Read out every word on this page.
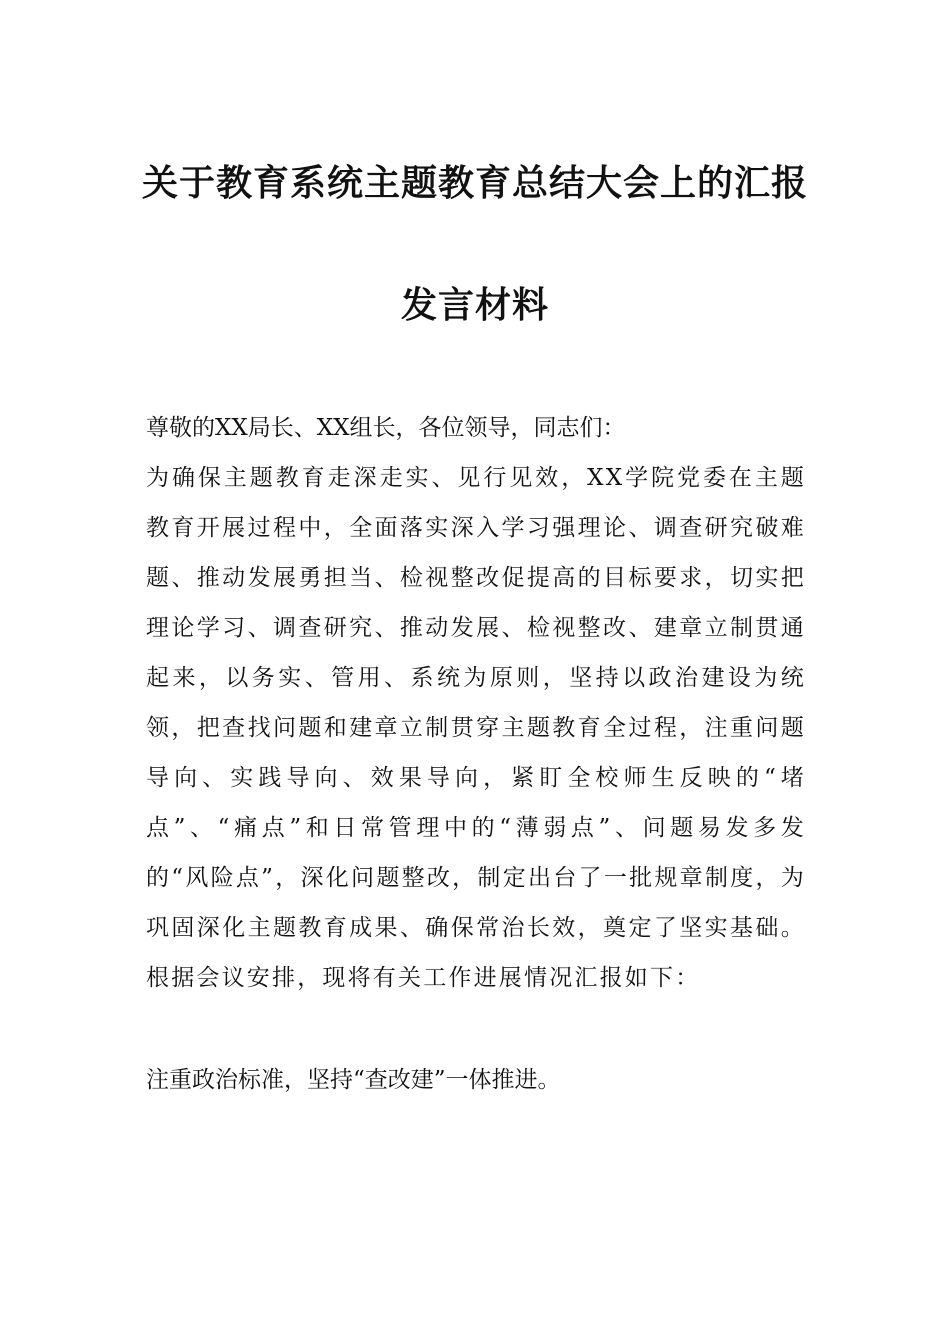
关于教育系统主题教育总结大会上的汇报
发言材料
尊敬的XX局长、XX组长，各位领导，同志们：
为确保主题教育走深走实、见行见效，XX学院党委在主题教育开展过程中，全面落实深入学习强理论、调查研究破难题、推动发展勇担当、检视整改促提高的目标要求，切实把理论学习、调查研究、推动发展、检视整改、建章立制贯通起来，以务实、管用、系统为原则，坚持以政治建设为统领，把查找问题和建章立制贯穿主题教育全过程，注重问题导向、实践导向、效果导向，紧盯全校师生反映的“堵点”、“痛点”和日常管理中的“薄弱点”、问题易发多发的“风险点”，深化问题整改，制定出台了一批规章制度，为巩固深化主题教育成果、确保常治长效，奠定了坚实基础。根据会议安排，现将有关工作进展情况汇报如下：
注重政治标准，坚持“查改建”一体推进。
